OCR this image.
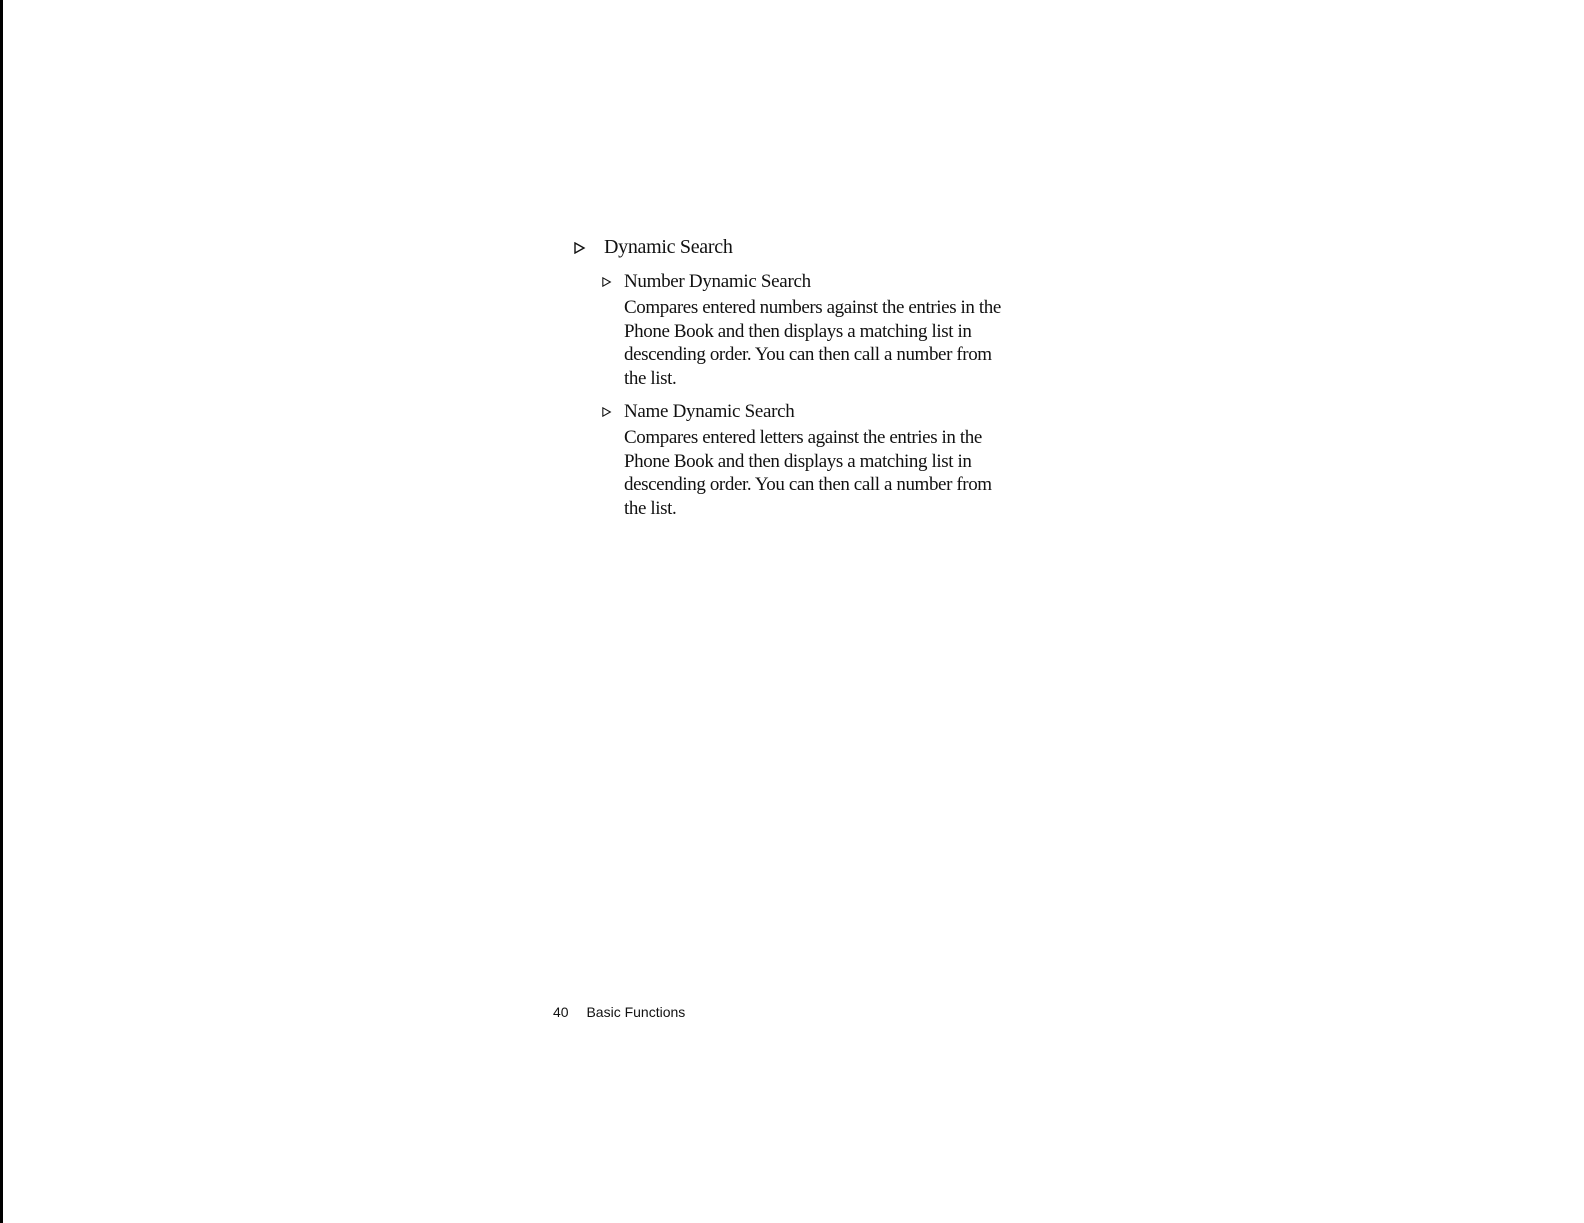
Dynamic Search
Number Dynamic Search

Compares entered numbers against the entries in the Phone Book and then displays a matching list in descending order. You can then call a number from the list.

Name Dynamic Search

Compares entered letters against the entries in the Phone Book and then displays a matching list in descending order. You can then call a number from the list.

40 Basic Functions
